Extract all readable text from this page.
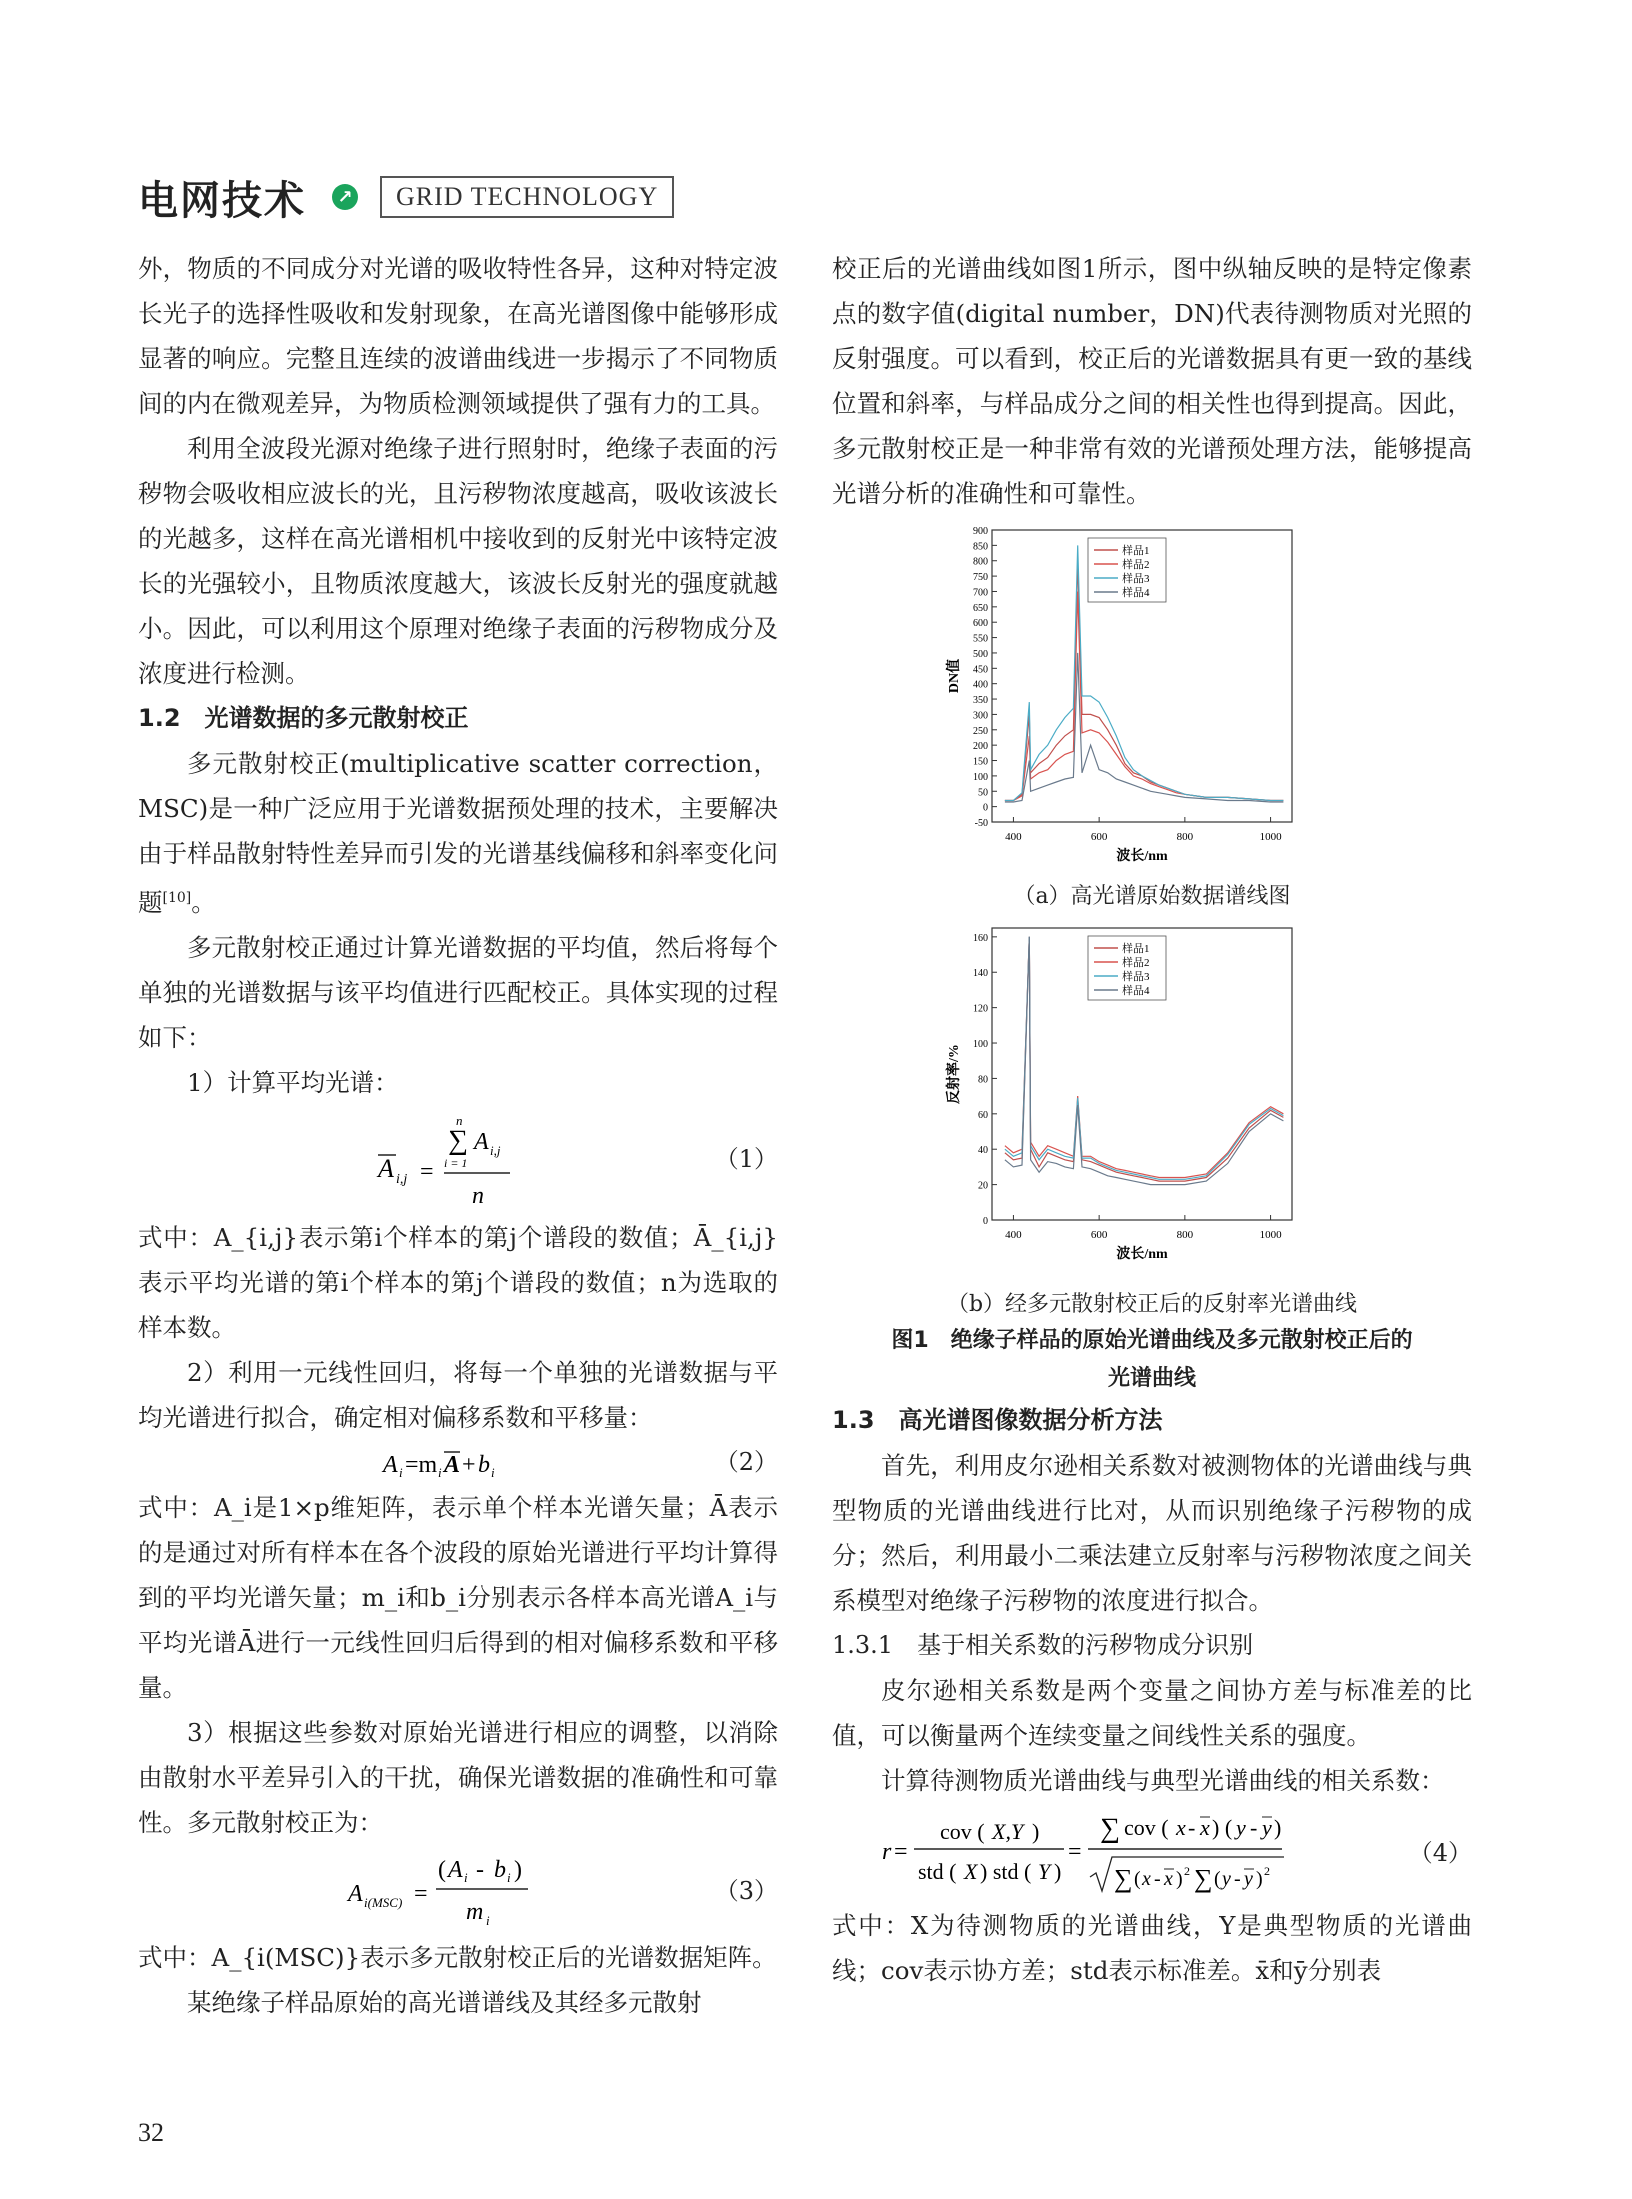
电网技术	↗	GRID TECHNOLOGY

外，物质的不同成分对光谱的吸收特性各异，这种对特定波长光子的选择性吸收和发射现象，在高光谱图像中能够形成显著的响应。完整且连续的波谱曲线进一步揭示了不同物质间的内在微观差异，为物质检测领域提供了强有力的工具。

利用全波段光源对绝缘子进行照射时，绝缘子表面的污秽物会吸收相应波长的光，且污秽物浓度越高，吸收该波长的光越多，这样在高光谱相机中接收到的反射光中该特定波长的光强较小，且物质浓度越大，该波长反射光的强度就越小。因此，可以利用这个原理对绝缘子表面的污秽物成分及浓度进行检测。

1.2　光谱数据的多元散射校正

多元散射校正(multiplicative scatter correction，MSC)是一种广泛应用于光谱数据预处理的技术，主要解决由于样品散射特性差异而引发的光谱基线偏移和斜率变化问题[10]。

多元散射校正通过计算光谱数据的平均值，然后将每个单独的光谱数据与该平均值进行匹配校正。具体实现的过程如下：

1）计算平均光谱：

A i,j =
n
∑ A i,j
i = 1
n
（1）

式中：A_{i,j}表示第i个样本的第j个谱段的数值；Ā_{i,j}表示平均光谱的第i个样本的第j个谱段的数值；n为选取的样本数。

2）利用一元线性回归，将每一个单独的光谱数据与平均光谱进行拟合，确定相对偏移系数和平移量：

A i =m i A + b i	（2）

式中：A_i是1×p维矩阵，表示单个样本光谱矢量；Ā表示的是通过对所有样本在各个波段的原始光谱进行平均计算得到的平均光谱矢量；m_i和b_i分别表示各样本高光谱A_i与平均光谱Ā进行一元线性回归后得到的相对偏移系数和平移量。

3）根据这些参数对原始光谱进行相应的调整，以消除由散射水平差异引入的干扰，确保光谱数据的准确性和可靠性。多元散射校正为：

A i(MSC) =
( A i - b i )
m i
（3）

式中：A_{i(MSC)}表示多元散射校正后的光谱数据矩阵。

某绝缘子样品原始的高光谱谱线及其经多元散射

校正后的光谱曲线如图1所示，图中纵轴反映的是特定像素点的数字值(digital number，DN)代表待测物质对光照的反射强度。可以看到，校正后的光谱数据具有更一致的基线位置和斜率，与样品成分之间的相关性也得到提高。因此，多元散射校正是一种非常有效的光谱预处理方法，能够提高光谱分析的准确性和可靠性。

400	600	800	1000
-50
0
50
100
150
200
250
300
350
400
450
500
550
600
650
700
750
800
850
900
波长/nm
DN值
样品1
样品2
样品3
样品4
（a）高光谱原始数据谱线图
400	600	800	1000
0
20
40
60
80
100
120
140
160
波长/nm
反射率/%
样品1
样品2
样品3
样品4
（b）经多元散射校正后的反射率光谱曲线
图1　绝缘子样品的原始光谱曲线及多元散射校正后的
光谱曲线

1.3　高光谱图像数据分析方法

首先，利用皮尔逊相关系数对被测物体的光谱曲线与典型物质的光谱曲线进行比对，从而识别绝缘子污秽物的成分；然后，利用最小二乘法建立反射率与污秽物浓度之间关系模型对绝缘子污秽物的浓度进行拟合。

1.3.1　基于相关系数的污秽物成分识别

皮尔逊相关系数是两个变量之间协方差与标准差的比值，可以衡量两个连续变量之间线性关系的强度。

计算待测物质光谱曲线与典型光谱曲线的相关系数：

r =
cov ( X,Y )
std ( X ) std ( Y )
=
∑ cov ( x - x ) ( y - y )
∑ ( x - x ) 2 ∑ ( y - y ) 2
（4）

式中：X为待测物质的光谱曲线，Y是典型物质的光谱曲线；cov表示协方差；std表示标准差。x̄和ȳ分别表

32
